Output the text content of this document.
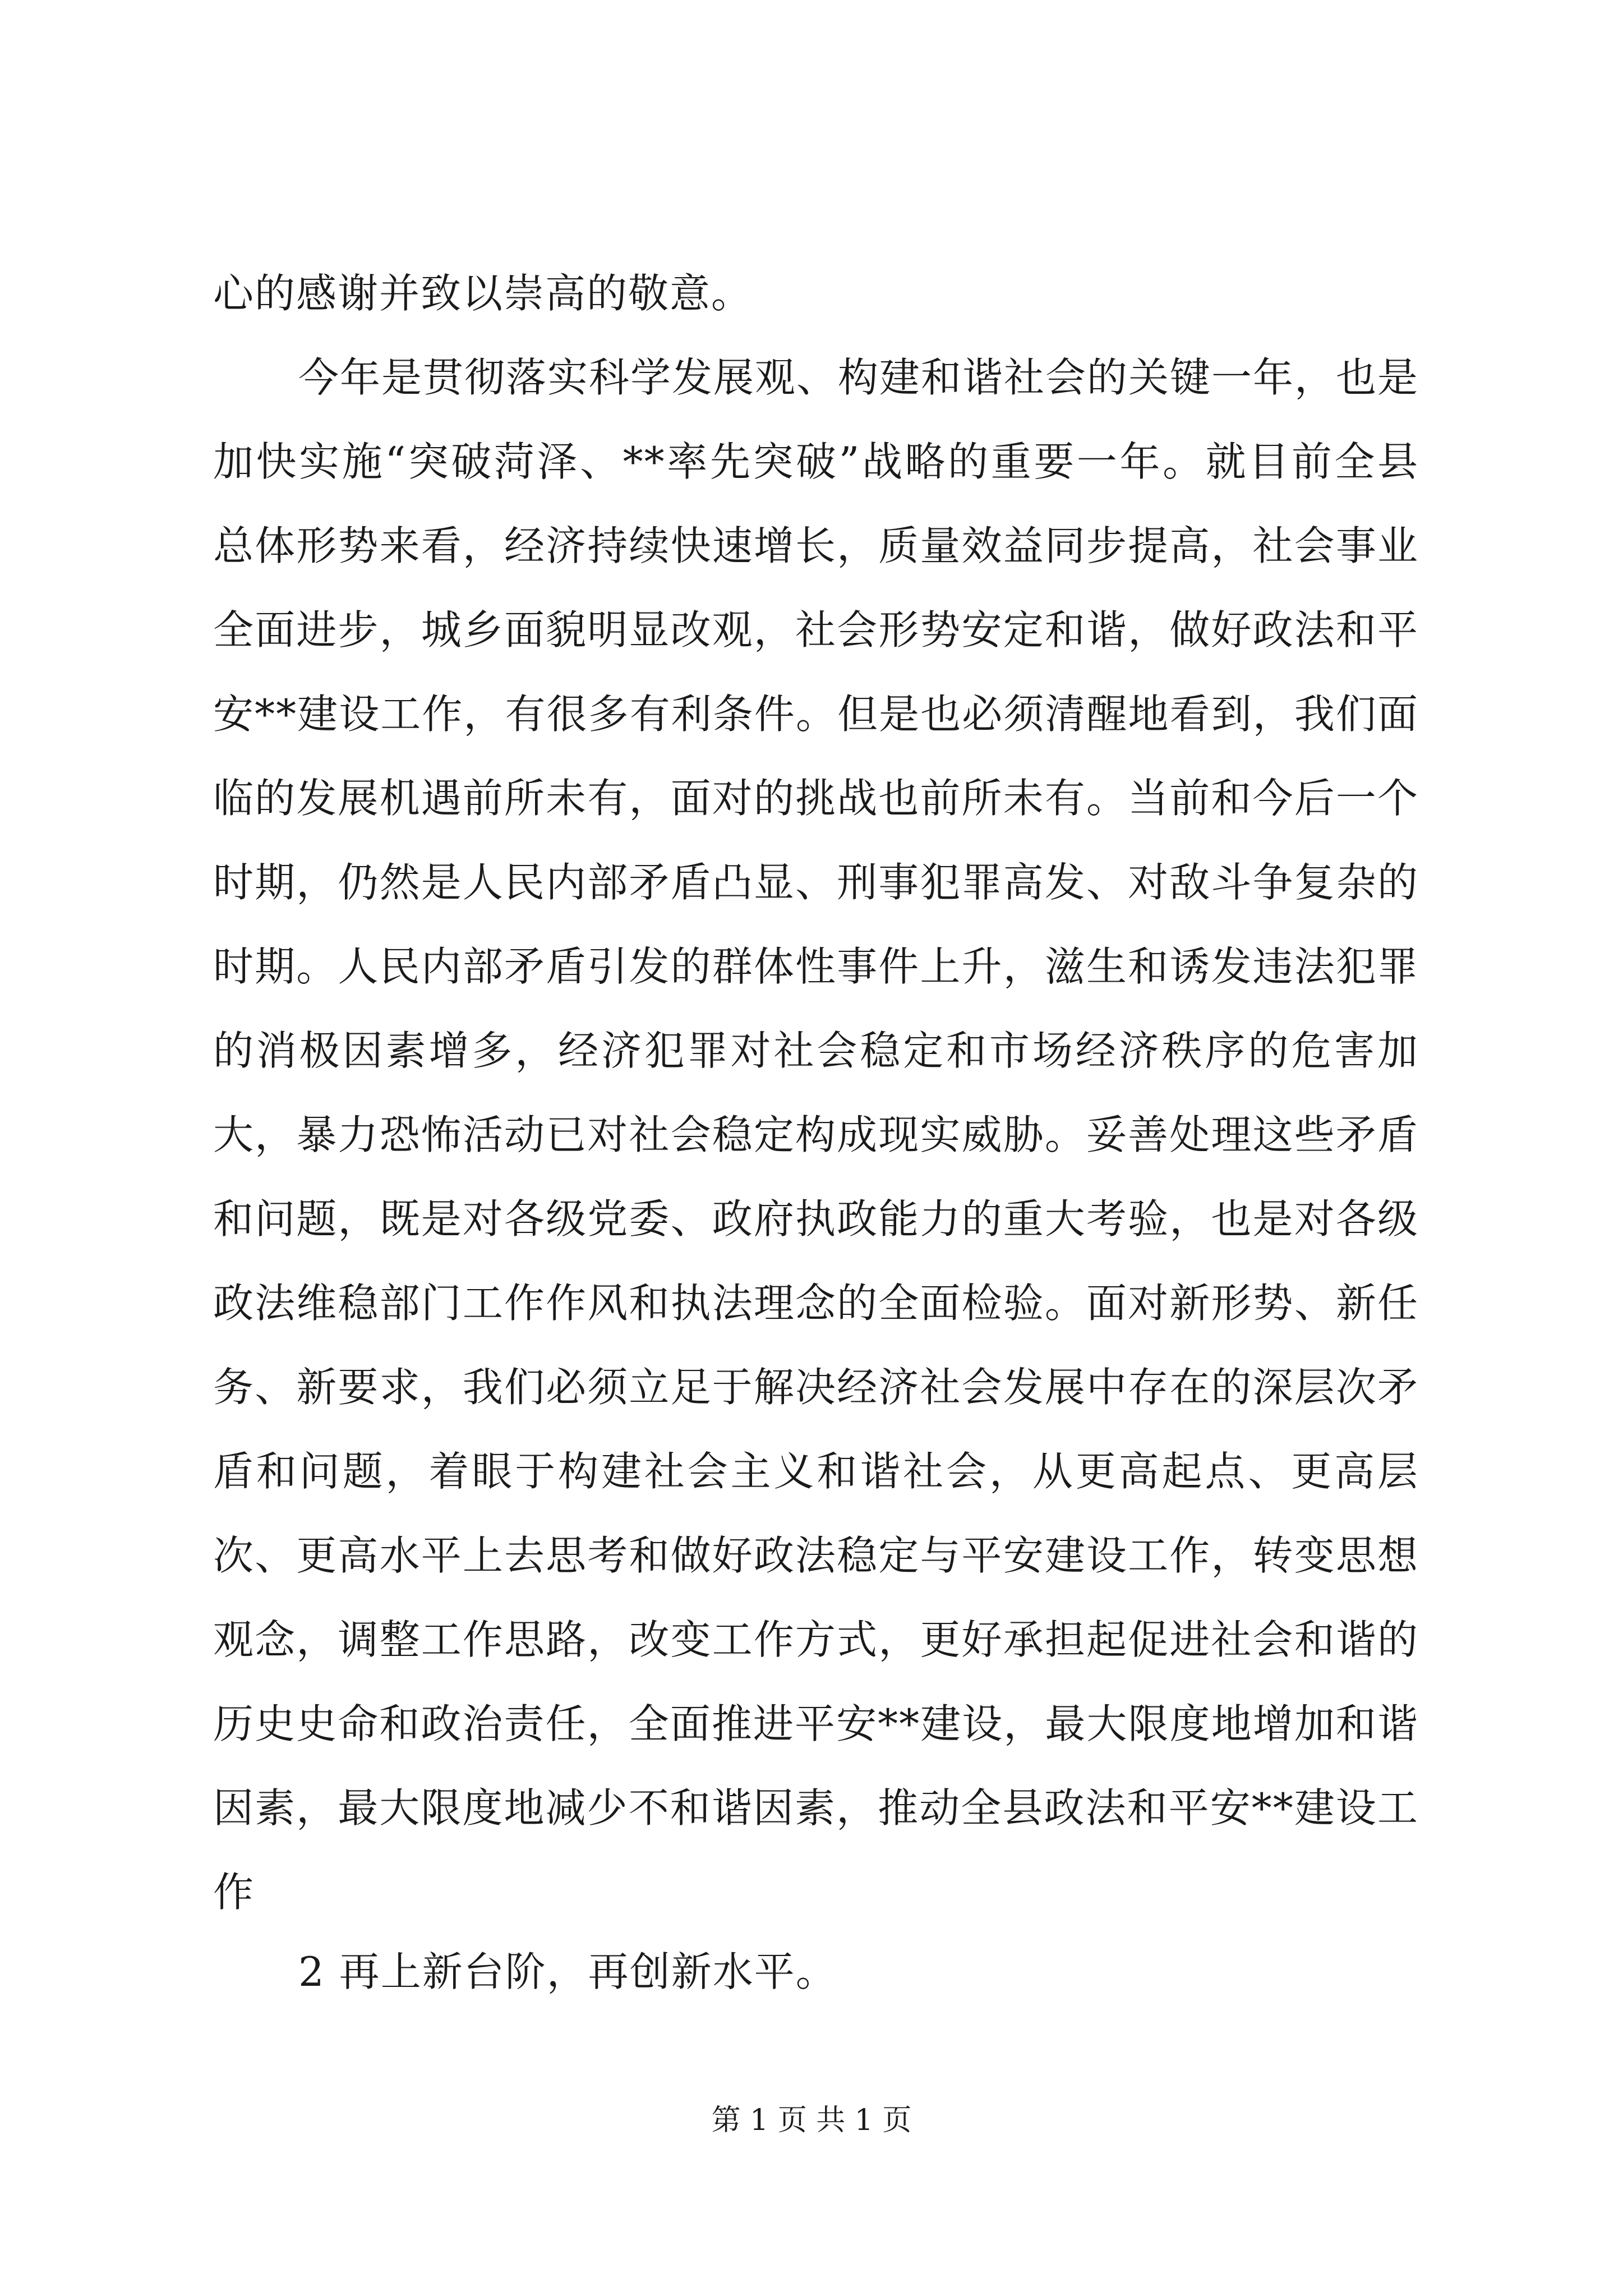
心的感谢并致以崇高的敬意。

今年是贯彻落实科学发展观、构建和谐社会的关键一年，也是加快实施“突破菏泽、**率先突破”战略的重要一年。就目前全县总体形势来看，经济持续快速增长，质量效益同步提高，社会事业全面进步，城乡面貌明显改观，社会形势安定和谐，做好政法和平安**建设工作，有很多有利条件。但是也必须清醒地看到，我们面临的发展机遇前所未有，面对的挑战也前所未有。当前和今后一个时期，仍然是人民内部矛盾凸显、刑事犯罪高发、对敌斗争复杂的时期。人民内部矛盾引发的群体性事件上升，滋生和诱发违法犯罪的消极因素增多，经济犯罪对社会稳定和市场经济秩序的危害加大，暴力恐怖活动已对社会稳定构成现实威胁。妥善处理这些矛盾和问题，既是对各级党委、政府执政能力的重大考验，也是对各级政法维稳部门工作作风和执法理念的全面检验。面对新形势、新任务、新要求，我们必须立足于解决经济社会发展中存在的深层次矛盾和问题，着眼于构建社会主义和谐社会，从更高起点、更高层次、更高水平上去思考和做好政法稳定与平安建设工作，转变思想观念，调整工作思路，改变工作方式，更好承担起促进社会和谐的历史史命和政治责任，全面推进平安**建设，最大限度地增加和谐因素，最大限度地减少不和谐因素，推动全县政法和平安**建设工作

2 再上新台阶，再创新水平。
第 1 页 共 1 页
